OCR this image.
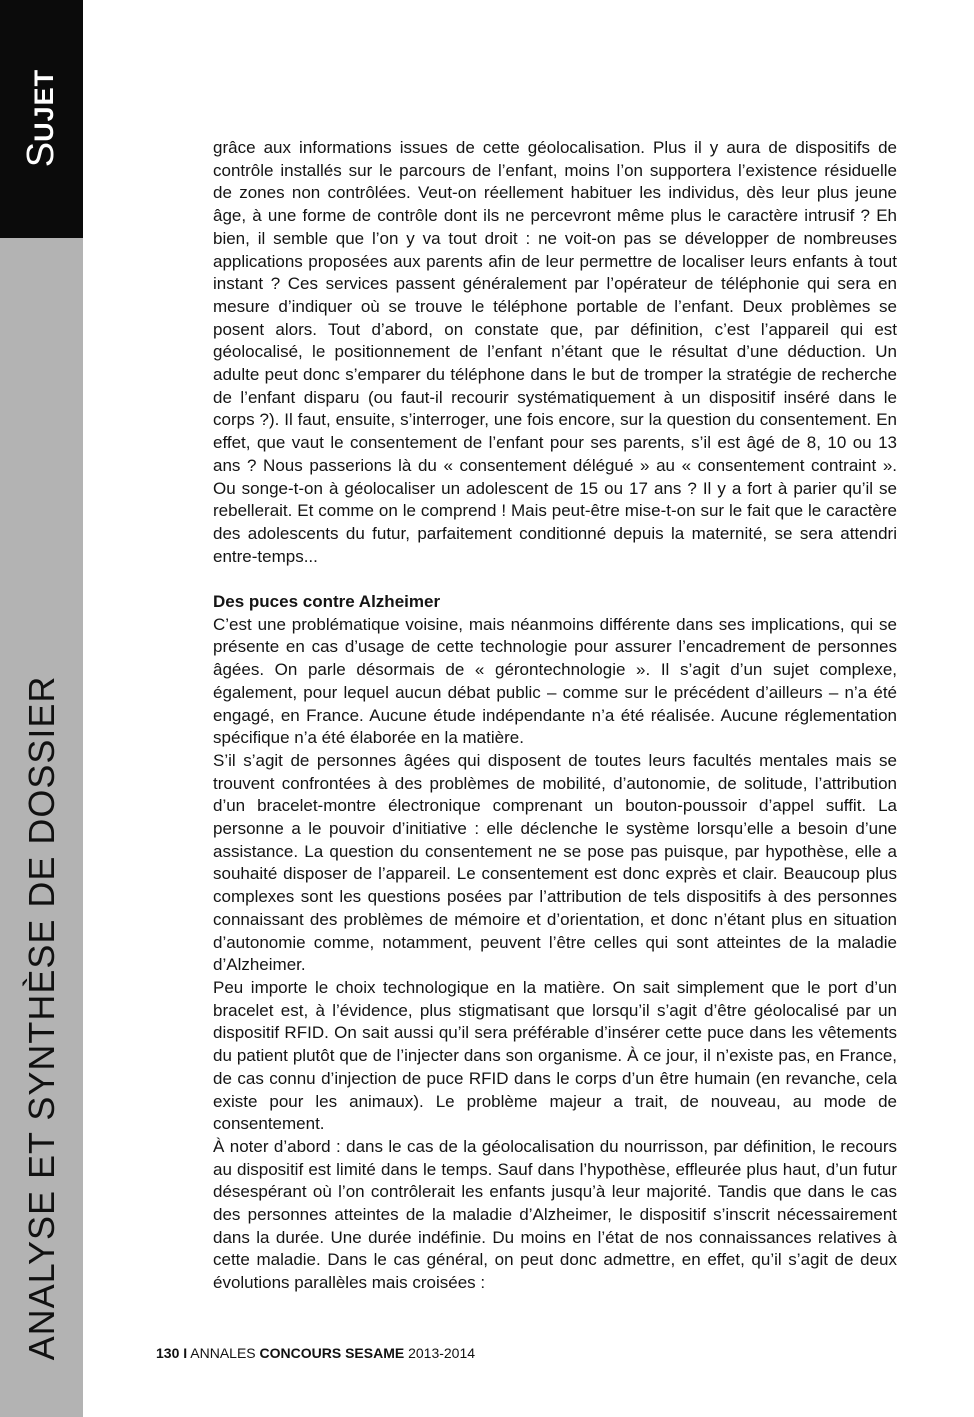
SUJET
ANALYSE ET SYNTHÈSE DE DOSSIER

grâce aux informations issues de cette géolocalisation. Plus il y aura de dispositifs de contrôle installés sur le parcours de l’enfant, moins l’on supportera l’existence résiduelle de zones non contrôlées. Veut-on réellement habituer les individus, dès leur plus jeune âge, à une forme de contrôle dont ils ne percevront même plus le caractère intrusif ? Eh bien, il semble que l’on y va tout droit : ne voit-on pas se développer de nombreuses applications proposées aux parents afin de leur permettre de localiser leurs enfants à tout instant ? Ces services passent généralement par l’opérateur de téléphonie qui sera en mesure d’indiquer où se trouve le téléphone portable de l’enfant. Deux problèmes se posent alors. Tout d’abord, on constate que, par définition, c’est l’appareil qui est géolocalisé, le positionnement de l’enfant n’étant que le résultat d’une déduction. Un adulte peut donc s’emparer du téléphone dans le but de tromper la stratégie de recherche de l’enfant disparu (ou faut-il recourir systématiquement à un dispositif inséré dans le corps ?). Il faut, ensuite, s’interroger, une fois encore, sur la question du consentement. En effet, que vaut le consentement de l’enfant pour ses parents, s’il est âgé de 8, 10 ou 13 ans ? Nous passerions là du « consentement délégué » au « consentement contraint ». Ou songe-t-on à géolocaliser un adolescent de 15 ou 17 ans ? Il y a fort à parier qu’il se rebellerait. Et comme on le comprend ! Mais peut-être mise-t-on sur le fait que le caractère des adolescents du futur, parfaitement conditionné depuis la maternité, se sera attendri entre-temps...

Des puces contre Alzheimer

C’est une problématique voisine, mais néanmoins différente dans ses implications, qui se présente en cas d’usage de cette technologie pour assurer l’encadrement de personnes âgées. On parle désormais de « gérontechnologie ». Il s’agit d’un sujet complexe, également, pour lequel aucun débat public – comme sur le précédent d’ailleurs – n’a été engagé, en France. Aucune étude indépendante n’a été réalisée. Aucune réglementation spécifique n’a été élaborée en la matière.

S’il s’agit de personnes âgées qui disposent de toutes leurs facultés mentales mais se trouvent confrontées à des problèmes de mobilité, d’autonomie, de solitude, l’attribution d’un bracelet-montre électronique comprenant un bouton-poussoir d’appel suffit. La personne a le pouvoir d’initiative : elle déclenche le système lorsqu’elle a besoin d’une assistance. La question du consentement ne se pose pas puisque, par hypothèse, elle a souhaité disposer de l’appareil. Le consentement est donc exprès et clair. Beaucoup plus complexes sont les questions posées par l’attribution de tels dispositifs à des personnes connaissant des problèmes de mémoire et d’orientation, et donc n’étant plus en situation d’autonomie comme, notamment, peuvent l’être celles qui sont atteintes de la maladie d’Alzheimer.

Peu importe le choix technologique en la matière. On sait simplement que le port d’un bracelet est, à l’évidence, plus stigmatisant que lorsqu’il s’agit d’être géolocalisé par un dispositif RFID. On sait aussi qu’il sera préférable d’insérer cette puce dans les vêtements du patient plutôt que de l’injecter dans son organisme. À ce jour, il n’existe pas, en France, de cas connu d’injection de puce RFID dans le corps d’un être humain (en revanche, cela existe pour les animaux). Le problème majeur a trait, de nouveau, au mode de consentement.

À noter d’abord : dans le cas de la géolocalisation du nourrisson, par définition, le recours au dispositif est limité dans le temps. Sauf dans l’hypothèse, effleurée plus haut, d’un futur désespérant où l’on contrôlerait les enfants jusqu’à leur majorité. Tandis que dans le cas des personnes atteintes de la maladie d’Alzheimer, le dispositif s’inscrit nécessairement dans la durée. Une durée indéfinie. Du moins en l’état de nos connaissances relatives à cette maladie. Dans le cas général, on peut donc admettre, en effet, qu’il s’agit de deux évolutions parallèles mais croisées :

130 I ANNALES CONCOURS SESAME 2013-2014
